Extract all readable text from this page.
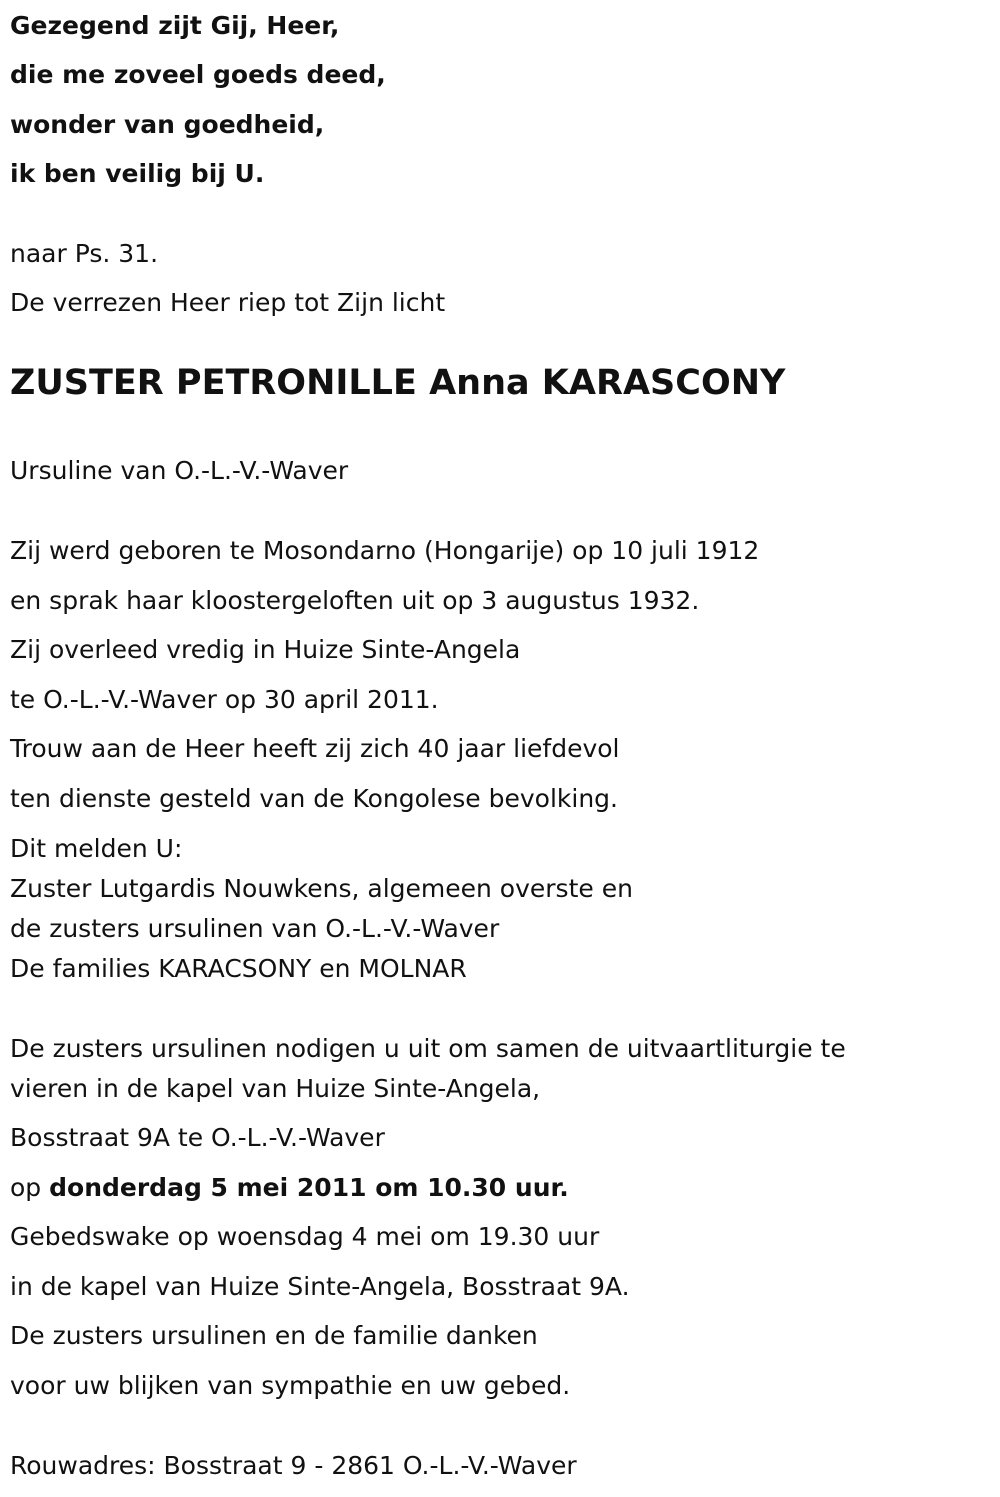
Gezegend zijt Gij, Heer,
die me zoveel goeds deed,
wonder van goedheid,
ik ben veilig bij U.
naar Ps. 31.
De verrezen Heer riep tot Zijn licht
ZUSTER PETRONILLE Anna KARASCONY
Ursuline van O.-L.-V.-Waver
Zij werd geboren te Mosondarno (Hongarije) op 10 juli 1912
en sprak haar kloostergeloften uit op 3 augustus 1932.
Zij overleed vredig in Huize Sinte-Angela
te O.-L.-V.-Waver op 30 april 2011.
Trouw aan de Heer heeft zij zich 40 jaar liefdevol
ten dienste gesteld van de Kongolese bevolking.
Dit melden U:
Zuster Lutgardis Nouwkens, algemeen overste en
de zusters ursulinen van O.-L.-V.-Waver
De families KARACSONY en MOLNAR
De zusters ursulinen nodigen u uit om samen de uitvaartliturgie te
vieren in de kapel van Huize Sinte-Angela,
Bosstraat 9A te O.-L.-V.-Waver
op donderdag 5 mei 2011 om 10.30 uur.
Gebedswake op woensdag 4 mei om 19.30 uur
in de kapel van Huize Sinte-Angela, Bosstraat 9A.
De zusters ursulinen en de familie danken
voor uw blijken van sympathie en uw gebed.
Rouwadres: Bosstraat 9 - 2861 O.-L.-V.-Waver
